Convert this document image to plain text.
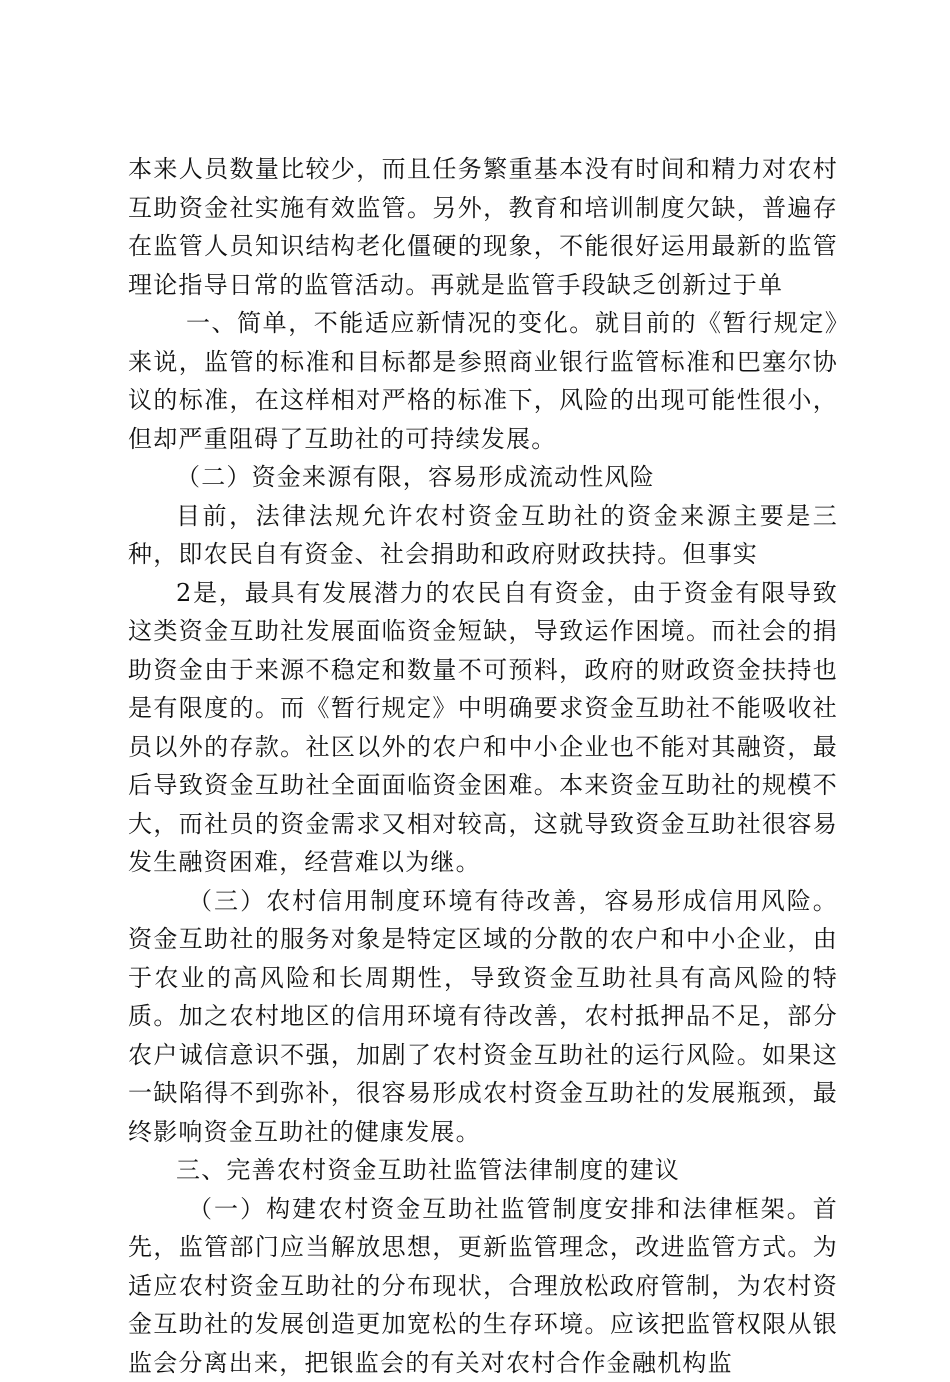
本来人员数量比较少，而且任务繁重基本没有时间和精力对农村互助资金社实施有效监管。另外，教育和培训制度欠缺，普遍存在监管人员知识结构老化僵硬的现象，不能很好运用最新的监管理论指导日常的监管活动。再就是监管手段缺乏创新过于单

一、简单，不能适应新情况的变化。就目前的《暂行规定》来说，监管的标准和目标都是参照商业银行监管标准和巴塞尔协议的标准，在这样相对严格的标准下，风险的出现可能性很小，但却严重阻碍了互助社的可持续发展。

（二）资金来源有限，容易形成流动性风险

目前，法律法规允许农村资金互助社的资金来源主要是三种，即农民自有资金、社会捐助和政府财政扶持。但事实

2是，最具有发展潜力的农民自有资金，由于资金有限导致这类资金互助社发展面临资金短缺，导致运作困境。而社会的捐助资金由于来源不稳定和数量不可预料，政府的财政资金扶持也是有限度的。而《暂行规定》中明确要求资金互助社不能吸收社员以外的存款。社区以外的农户和中小企业也不能对其融资，最后导致资金互助社全面面临资金困难。本来资金互助社的规模不大，而社员的资金需求又相对较高，这就导致资金互助社很容易发生融资困难，经营难以为继。

（三）农村信用制度环境有待改善，容易形成信用风险。资金互助社的服务对象是特定区域的分散的农户和中小企业，由于农业的高风险和长周期性，导致资金互助社具有高风险的特质。加之农村地区的信用环境有待改善，农村抵押品不足，部分农户诚信意识不强，加剧了农村资金互助社的运行风险。如果这一缺陷得不到弥补，很容易形成农村资金互助社的发展瓶颈，最终影响资金互助社的健康发展。

三、完善农村资金互助社监管法律制度的建议

（一）构建农村资金互助社监管制度安排和法律框架。首先，监管部门应当解放思想，更新监管理念，改进监管方式。为适应农村资金互助社的分布现状，合理放松政府管制，为农村资金互助社的发展创造更加宽松的生存环境。应该把监管权限从银监会分离出来，把银监会的有关对农村合作金融机构监
